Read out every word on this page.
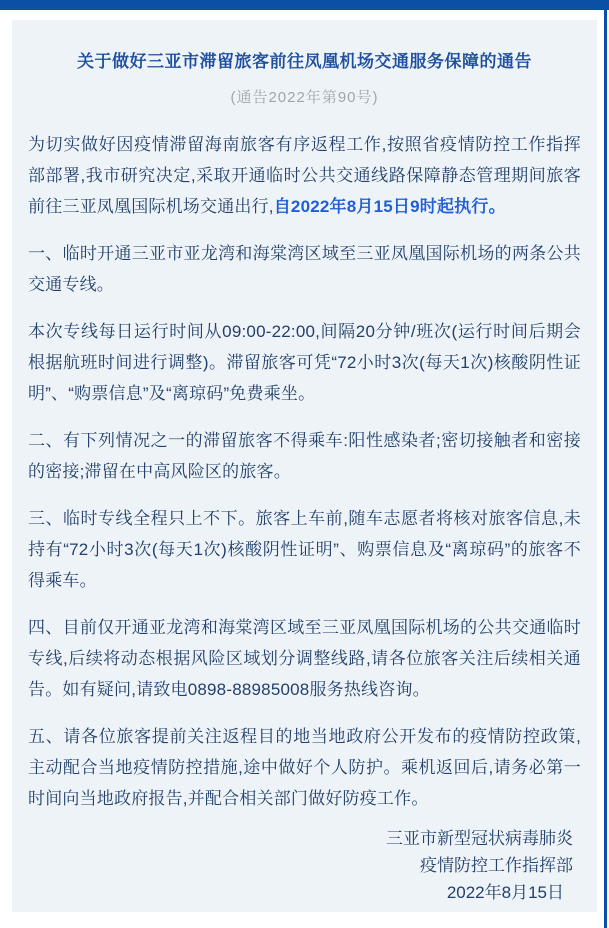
关于做好三亚市滞留旅客前往凤凰机场交通服务保障的通告
(通告2022年第90号)

为切实做好因疫情滞留海南旅客有序返程工作,按照省疫情防控工作指挥部部署,我市研究决定,采取开通临时公共交通线路保障静态管理期间旅客前往三亚凤凰国际机场交通出行,自2022年8月15日9时起执行。

一、临时开通三亚市亚龙湾和海棠湾区域至三亚凤凰国际机场的两条公共交通专线。

本次专线每日运行时间从09:00-22:00,间隔20分钟/班次(运行时间后期会根据航班时间进行调整)。滞留旅客可凭“72小时3次(每天1次)核酸阴性证明”、“购票信息”及“离琼码”免费乘坐。

二、有下列情况之一的滞留旅客不得乘车:阳性感染者;密切接触者和密接的密接;滞留在中高风险区的旅客。

三、临时专线全程只上不下。旅客上车前,随车志愿者将核对旅客信息,未持有“72小时3次(每天1次)核酸阴性证明”、购票信息及“离琼码”的旅客不得乘车。

四、目前仅开通亚龙湾和海棠湾区域至三亚凤凰国际机场的公共交通临时专线,后续将动态根据风险区域划分调整线路,请各位旅客关注后续相关通告。如有疑问,请致电0898-88985008服务热线咨询。

五、请各位旅客提前关注返程目的地当地政府公开发布的疫情防控政策,主动配合当地疫情防控措施,途中做好个人防护。乘机返回后,请务必第一时间向当地政府报告,并配合相关部门做好防疫工作。

三亚市新型冠状病毒肺炎
疫情防控工作指挥部
2022年8月15日
